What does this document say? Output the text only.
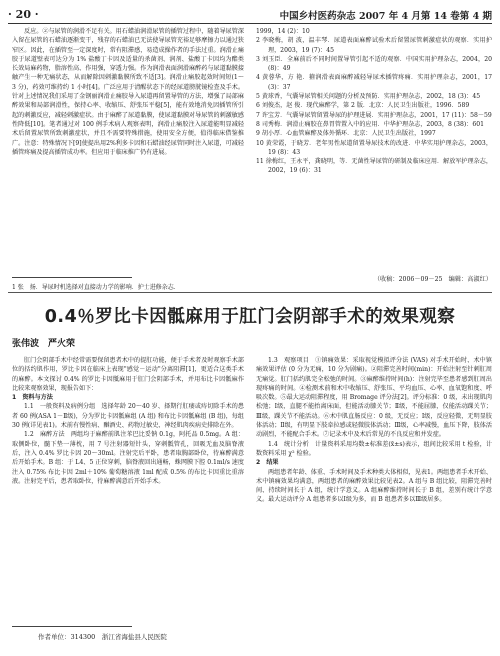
· 20 ·	中国乡村医药杂志 2007 年 4 月第 14 卷第 4 期

反应。②与尿管的润滑不足有关。用石蜡油润滑尿管的插管过程中，随着导尿管深入留在尿管的石蜡油逐渐变干，残存的石蜡油已无法使导尿管充裕足够摩擦力以通过狭窄区。因此，在插管至一定深度时，常有阻滞感，易造成操作者的手法过重。润滑止痛胶于尿道壁表可达分为 1% 盐酸丁卡因及适量的杀菌剂、润剂、盐酸丁卡因均为酯类长效局麻药物，脂溶性高、作用强，穿透力强。作为润滑表面润滑麻醉药与尿道黏膜接触产生一种无痛状态，从而解除因刺激黏膜所致不适[3]。润滑止痛胶起效时间短(1～3 分)，药效可维持约 1 小时[4]。广泛应用于清醒状态下的经尿道膀胱镜检查及手术。针对上述情况我们采用了金钢丽润滑止痛胶导入尿道再留置导管的方法，增强了局部麻醉效果和局部润滑性，保持心率、收缩压、舒张压平稳[5]，能有效地消免因插管所引起的刺激反应，减轻刺激症状。由于麻醉了尿道黏膜，使尿道黏膜对导尿管的刺激敏感性降低[10]。笔者通过对 100 例手术病人观察表明，润滑止痛胶注入尿道能明显减轻术后留置尿管所致刺激症状，并且不需要特殊措施，使用安全方便，值得临床借鉴推广。注意：特殊情况下[9]使提出用2%利多卡因和石蜡油经尿管同时注入尿道，可减轻插管疼痛及提高插管成功率。但应用于临床推广仍有进展。

1999，14 (2)：10
2 李晓梅，胡 波，温丰琴．尿道表面麻醉试验术后留置尿管刺激症状的观察．实用护理，2003，19 (7)：45
3 刘玉臣．全麻前后不同时间置导管引起不适的观察．中国实用护理杂志，2004，20 (8)：49
4 黄蓉华，方 艳．箍润滑表面麻醉减轻导尿术插管疼痛．实用护理杂志，2001，17 (3)：37
5 黄球香，气囊导尿管相关问题的分析及预防．实用护理杂志，2002，18 (3)：45
6 刘俊杰，赵 俊．现代麻醉学，第 2 版．北京：人民卫生出版社，1996．589
7 许宝芳．气囊导尿管留置导尿的护理进展．实用护理杂志，2001，17 (11)：58－59
8 司秀梅．润滑止痛胶在鼻胃管置入中的应用．中华护理杂志，2003，8 (38)：601
9 胡小厚．心血管麻醉及体外循环．北京：人民卫生出版社，1997
10 黄荣霞，于晓芳．老年男性尿道留置导尿技术的改进．中华实用护理杂志，2003，19 (8)：43
11 徐梅红，王永平，龚晓明，等．无菌性导尿管的研制及临床应用．解放军护理杂志，2002，19 (6)：31
1 张　扬．导尿时机选择对直接动力学的影响．护士进修杂志．
（收稿：2006－09－25　编辑：高淑红）
0.4％罗比卡因骶麻用于肛门会阴部手术的效果观察
张伟波　严火荣

肛门会阴部手术中经常需要保留患者术中的提肛功能，便于手术者及时观察手术部位的括约肌作用，罗比卡因在临床上表现"感觉－运动"分离阻滞[1]，更适合这类手术的麻醉。本文探讨 0.4% 的罗比卡因骶麻用于肛门会阴部手术，并用布比卡因骶麻作比较来观察效果，现报告如下：

1　资料与方法

1.1　一般资料及病例分组　选择年龄 20～40 岁、择期行肛瘘或痔切除手术的患者 60 例(ASA 1－Ⅱ级)，分为罗比卡因骶麻组 (A 组) 和布比卡因骶麻组 (B 组)，每组 30 例(详见表1)。术前有慢性病、酗酒史、药物过敏史、神经肌肉疾病史排除在外。

1.2　麻醉方法　两组均于麻醉前肌注苯巴比妥钠 0.1g，阿托品 0.5mg。A 组：取侧卧位，髓下垫一薄枕，用 7 号注射器短针头，穿刺骶管孔，回吸无血及脑脊液后，注入 0.4% 罗比卡因 20～30ml。注射完后平卧，患者取胸部卧位，待麻醉满意后开始手术。B 组：于 L4、5 正位穿刺，脑脊液回出通畅，蛛网膜下腔 0.1ml/s 速度注入 0.75% 布比卡因 2ml＋10% 葡萄糖溶液 1ml 配成 0.5% 的布比卡因重比重溶液。注射完平后，患者取卧位，待麻醉满意后开始手术。

1.3　观察项目　①镇痛效果：采取视觉模拟评分法 (VAS) 对手术开始时、术中镇痛效果评估 (0 分为无痛，10 分为剧痛)。②阻滞完善时间(min)：开始注射至针刺肛周无痛觉。肛门括约肌完全松弛的时间。③麻醉维持时间(h)：注射完毕至患者感到肛周出现疼痛的时间。④检测术前和术中收缩压、舒张压、平均血压、心率、血氧饱和度、呼吸次数。⑤最大运动阻滞程度，用 Bromage 评分法[2]。评分标准：0 级，未出现肌肉松弛；Ⅰ级，直腿不能抬离床面，但能活动膝关节；Ⅱ级，不能屈膝，仅能活动踝关节；Ⅲ级，踝关节不能活动。⑥术中肌直肠反应：0 级，无反应；Ⅰ级，反应轻微，无明显肢体活动；Ⅱ级，有明显下肢牵拉感或轻微肢体活动；Ⅲ级，心率减慢，血压下降，肢体活动剧烈，不能配合手术。⑦记录术中及术后常见的不良反应和并发症。

1.4　统计分析　计量资料采用均数±标准差(x̄±s)表示，组间比较采用 t 检验，计数资料采用 χ² 检验。

2　结果

两组患者年龄、体重、手术时间及手术种类大体相似，见表1。两组患者手术开始、术中镇痛效果均满意，两组患者的麻醉效果比较见表2。A 组与 B 组比较，阻滞完善时间、持续时间长于 A 组，统计学意义。A 组麻醉维持时间长于 B 组，差别有统计学意义。最大运动评分 A 组患者多以Ⅰ级为多，而 B 组患者多以Ⅲ级居多。

作者单位：314300　浙江省海盐县人民医院
